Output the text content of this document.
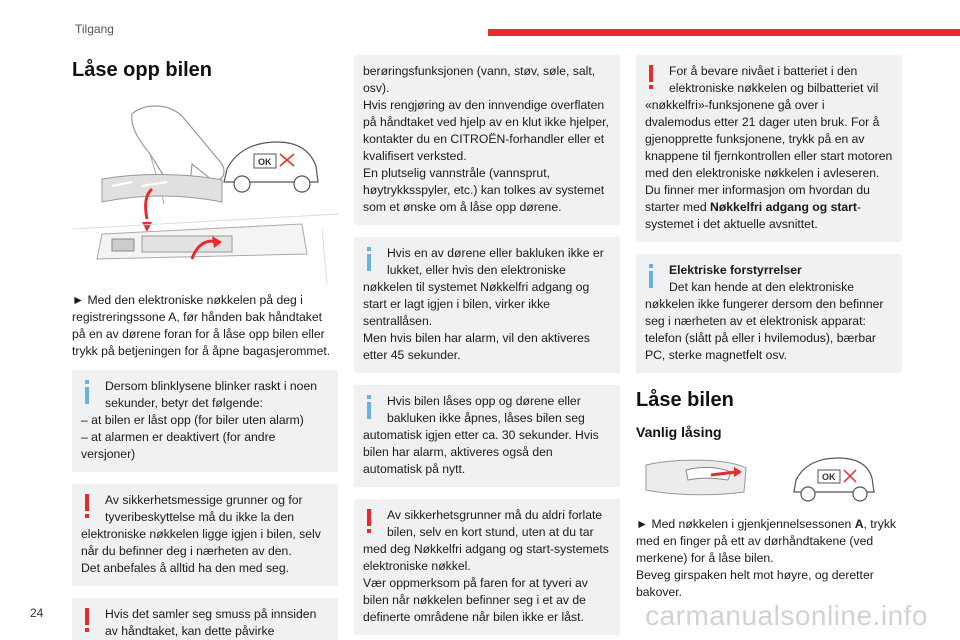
Tilgang
Låse opp bilen
OK

► Med den elektroniske nøkkelen på deg i registreringssone A, før hånden bak håndtaket på en av dørene foran for å låse opp bilen eller trykk på betjeningen for å åpne bagasjerommet.

Dersom blinklysene blinker raskt i noen
sekunder, betyr det følgende:
– at bilen er låst opp (for biler uten alarm)
– at alarmen er deaktivert (for andre versjoner)
Av sikkerhetsmessige grunner og for
tyveribeskyttelse må du ikke la den elektroniske nøkkelen ligge igjen i bilen, selv når du befinner deg i nærheten av den.
Det anbefales å alltid ha den med seg.
Hvis det samler seg smuss på innsiden
av håndtaket, kan dette påvirke
berøringsfunksjonen (vann, støv, søle, salt, osv).
Hvis rengjøring av den innvendige overflaten på håndtaket ved hjelp av en klut ikke hjelper, kontakter du en CITROËN-forhandler eller et kvalifisert verksted.
En plutselig vannstråle (vannsprut, høytrykksspyler, etc.) kan tolkes av systemet som et ønske om å låse opp dørene.
Hvis en av dørene eller bakluken ikke er
lukket, eller hvis den elektroniske nøkkelen til systemet Nøkkelfri adgang og start er lagt igjen i bilen, virker ikke sentrallåsen.
Men hvis bilen har alarm, vil den aktiveres etter 45 sekunder.
Hvis bilen låses opp og dørene eller
bakluken ikke åpnes, låses bilen seg automatisk igjen etter ca. 30 sekunder. Hvis bilen har alarm, aktiveres også den automatisk på nytt.
Av sikkerhetsgrunner må du aldri forlate
bilen, selv en kort stund, uten at du tar med deg Nøkkelfri adgang og start-systemets elektroniske nøkkel.
Vær oppmerksom på faren for at tyveri av bilen når nøkkelen befinner seg i et av de definerte områdene når bilen ikke er låst.
For å bevare nivået i batteriet i den
elektroniske nøkkelen og bilbatteriet vil «nøkkelfri»-funksjonene gå over i dvalemodus etter 21 dager uten bruk. For å gjenopprette funksjonene, trykk på en av knappene til fjernkontrollen eller start motoren med den elektroniske nøkkelen i avleseren.
Du finner mer informasjon om hvordan du starter med Nøkkelfri adgang og start-systemet i det aktuelle avsnittet.
Elektriske forstyrrelser
Det kan hende at den elektroniske nøkkelen ikke fungerer dersom den befinner seg i nærheten av et elektronisk apparat: telefon (slått på eller i hvilemodus), bærbar PC, sterke magnetfelt osv.
Låse bilen
Vanlig låsing
OK

► Med nøkkelen i gjenkjennelsessonen A, trykk med en finger på ett av dørhåndtakene (ved merkene) for å låse bilen.

Beveg girspaken helt mot høyre, og deretter bakover.

24	carmanualsonline.info
